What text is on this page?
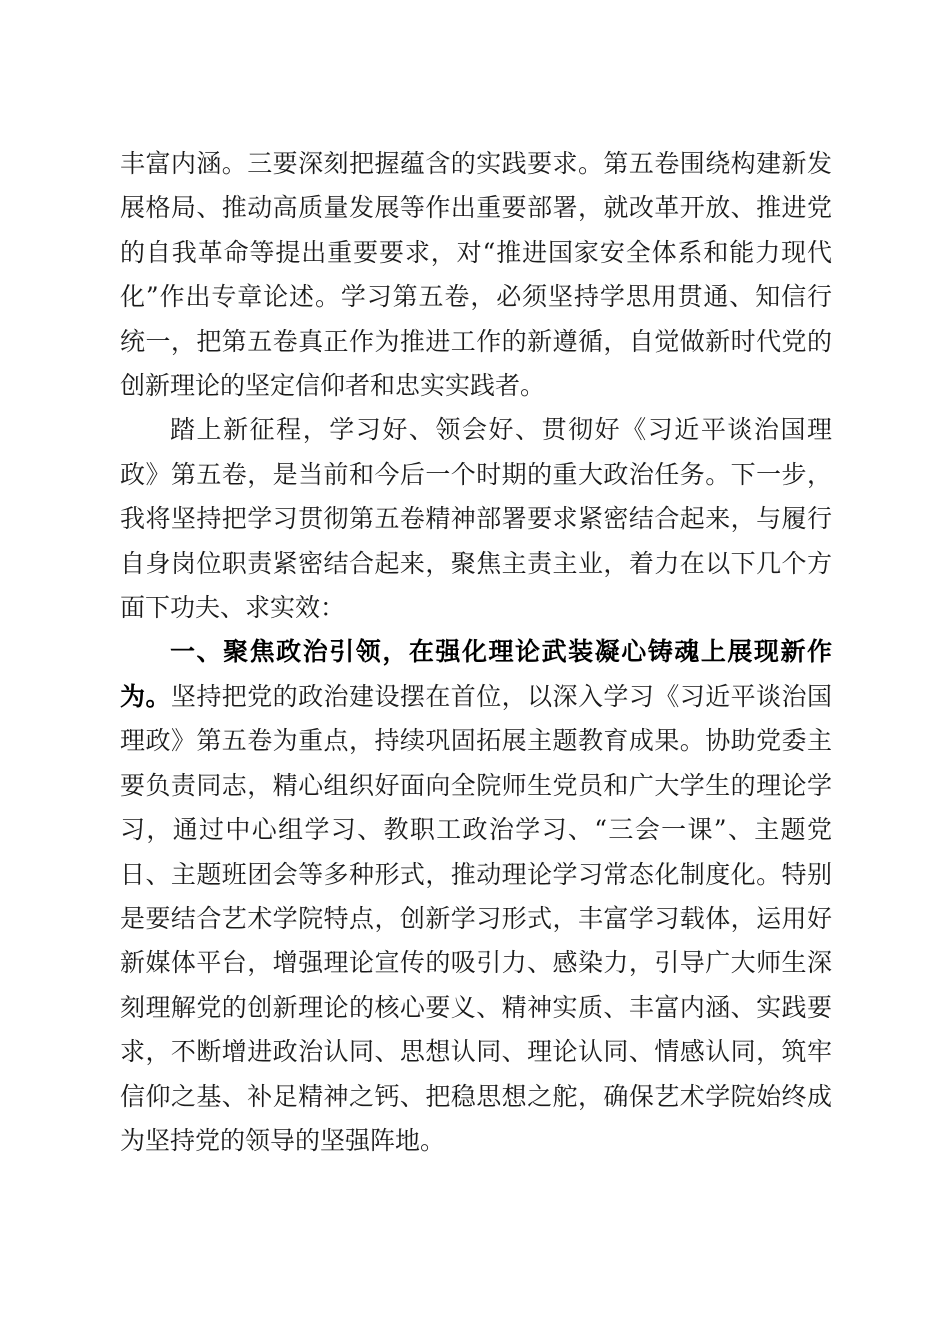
丰富内涵。三要深刻把握蕴含的实践要求。第五卷围绕构建新发展格局、推动高质量发展等作出重要部署，就改革开放、推进党的自我革命等提出重要要求，对“推进国家安全体系和能力现代化”作出专章论述。学习第五卷，必须坚持学思用贯通、知信行统一，把第五卷真正作为推进工作的新遵循，自觉做新时代党的创新理论的坚定信仰者和忠实实践者。

踏上新征程，学习好、领会好、贯彻好《习近平谈治国理政》第五卷，是当前和今后一个时期的重大政治任务。下一步，我将坚持把学习贯彻第五卷精神部署要求紧密结合起来，与履行自身岗位职责紧密结合起来，聚焦主责主业，着力在以下几个方面下功夫、求实效：

一、聚焦政治引领，在强化理论武装凝心铸魂上展现新作为。坚持把党的政治建设摆在首位，以深入学习《习近平谈治国理政》第五卷为重点，持续巩固拓展主题教育成果。协助党委主要负责同志，精心组织好面向全院师生党员和广大学生的理论学习，通过中心组学习、教职工政治学习、“三会一课”、主题党日、主题班团会等多种形式，推动理论学习常态化制度化。特别是要结合艺术学院特点，创新学习形式，丰富学习载体，运用好新媒体平台，增强理论宣传的吸引力、感染力，引导广大师生深刻理解党的创新理论的核心要义、精神实质、丰富内涵、实践要求，不断增进政治认同、思想认同、理论认同、情感认同，筑牢信仰之基、补足精神之钙、把稳思想之舵，确保艺术学院始终成为坚持党的领导的坚强阵地。
